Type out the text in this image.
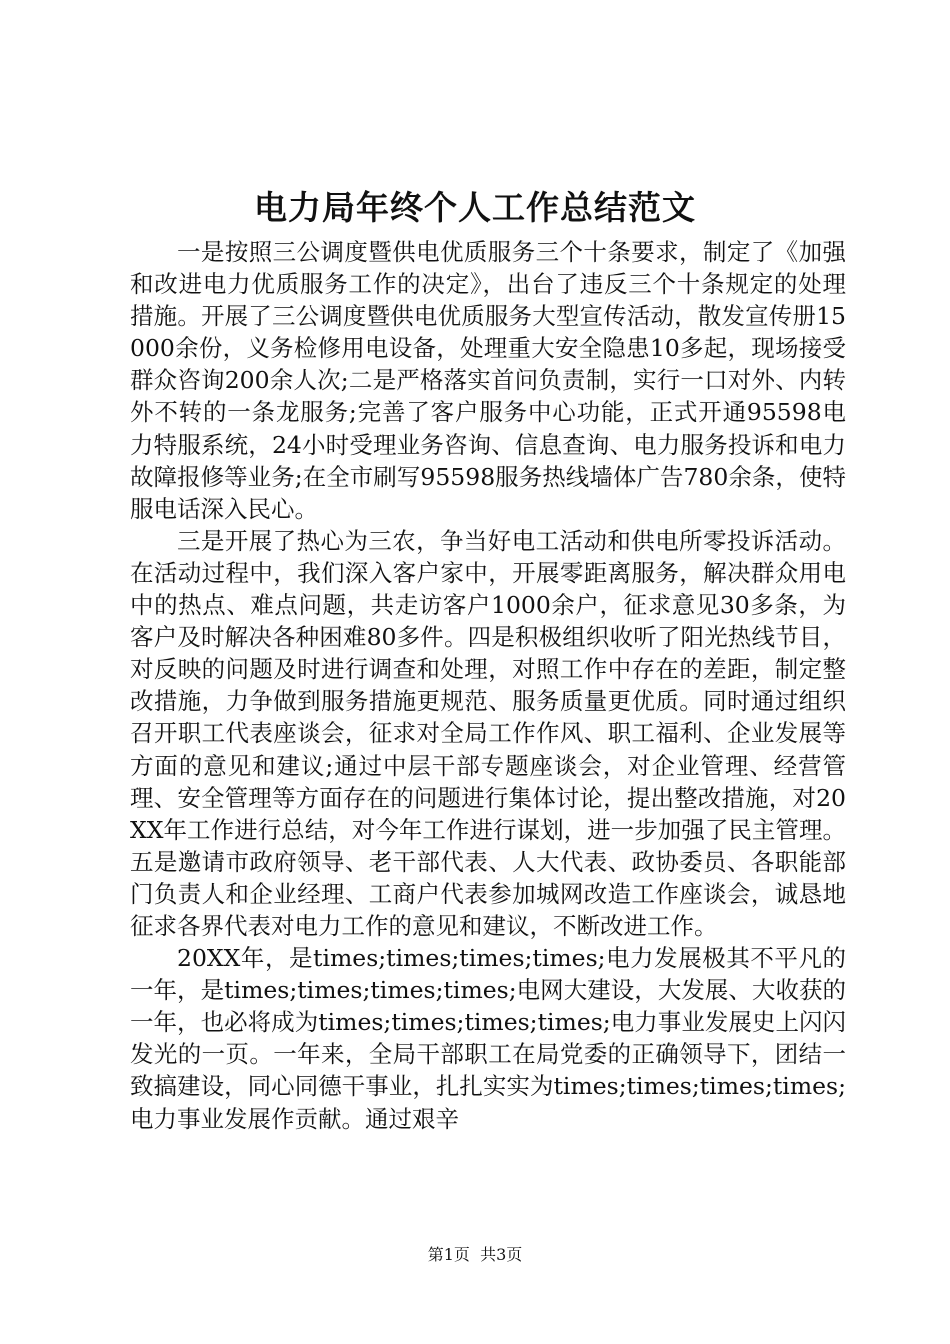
电力局年终个人工作总结范文

一是按照三公调度暨供电优质服务三个十条要求，制定了《加强和改进电力优质服务工作的决定》，出台了违反三个十条规定的处理措施。开展了三公调度暨供电优质服务大型宣传活动，散发宣传册15000余份，义务检修用电设备，处理重大安全隐患10多起，现场接受群众咨询200余人次;二是严格落实首问负责制，实行一口对外、内转外不转的一条龙服务;完善了客户服务中心功能，正式开通95598电力特服系统，24小时受理业务咨询、信息查询、电力服务投诉和电力故障报修等业务;在全市刷写95598服务热线墙体广告780余条，使特服电话深入民心。

三是开展了热心为三农，争当好电工活动和供电所零投诉活动。在活动过程中，我们深入客户家中，开展零距离服务，解决群众用电中的热点、难点问题，共走访客户1000余户，征求意见30多条，为客户及时解决各种困难80多件。四是积极组织收听了阳光热线节目，对反映的问题及时进行调查和处理，对照工作中存在的差距，制定整改措施，力争做到服务措施更规范、服务质量更优质。同时通过组织召开职工代表座谈会，征求对全局工作作风、职工福利、企业发展等方面的意见和建议;通过中层干部专题座谈会，对企业管理、经营管理、安全管理等方面存在的问题进行集体讨论，提出整改措施，对20XX年工作进行总结，对今年工作进行谋划，进一步加强了民主管理。五是邀请市政府领导、老干部代表、人大代表、政协委员、各职能部门负责人和企业经理、工商户代表参加城网改造工作座谈会，诚恳地征求各界代表对电力工作的意见和建议，不断改进工作。

20XX年，是times;times;times;times;电力发展极其不平凡的一年，是times;times;times;times;电网大建设，大发展、大收获的一年，也必将成为times;times;times;times;电力事业发展史上闪闪发光的一页。一年来，全局干部职工在局党委的正确领导下，团结一致搞建设，同心同德干事业，扎扎实实为times;times;times;times;电力事业发展作贡献。通过艰辛

第1页 共3页
